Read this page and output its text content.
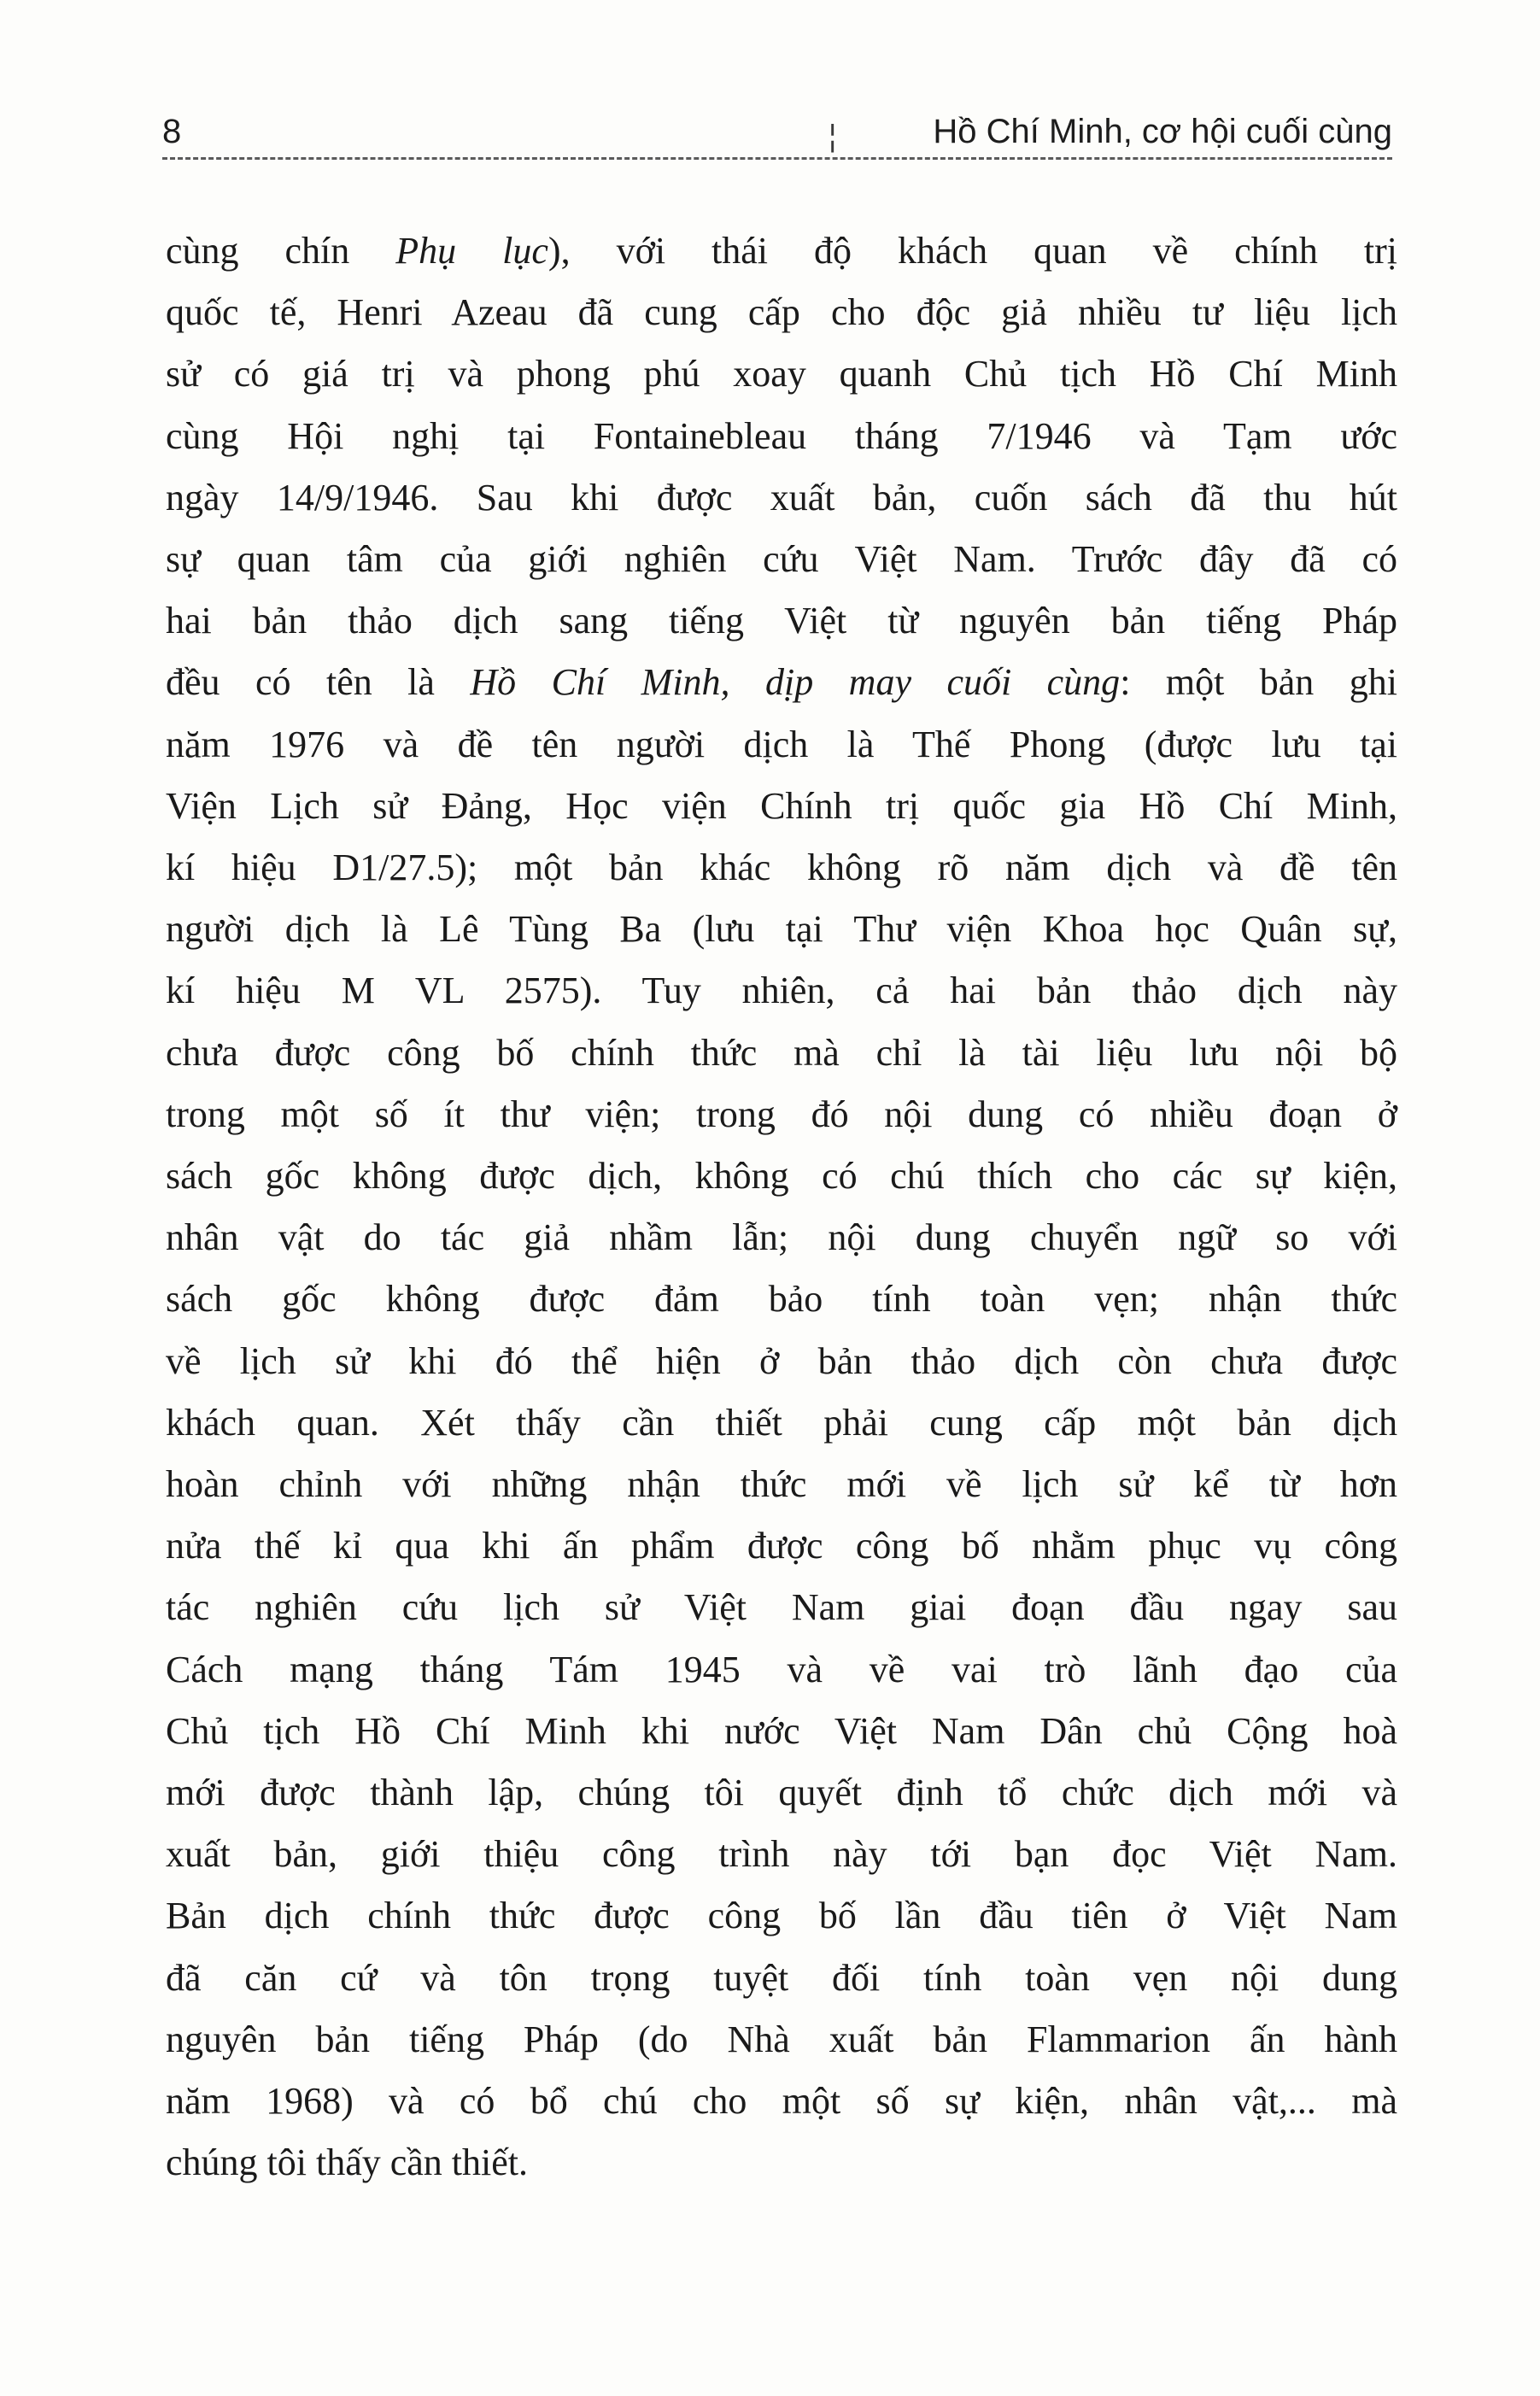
8	¦	Hồ Chí Minh, cơ hội cuối cùng
cùng chín Phụ lục), với thái độ khách quan về chính trị
quốc tế, Henri Azeau đã cung cấp cho độc giả nhiều tư liệu lịch
sử có giá trị và phong phú xoay quanh Chủ tịch Hồ Chí Minh
cùng Hội nghị tại Fontainebleau tháng 7/1946 và Tạm ước
ngày 14/9/1946. Sau khi được xuất bản, cuốn sách đã thu hút
sự quan tâm của giới nghiên cứu Việt Nam. Trước đây đã có
hai bản thảo dịch sang tiếng Việt từ nguyên bản tiếng Pháp
đều có tên là Hồ Chí Minh, dịp may cuối cùng: một bản ghi
năm 1976 và đề tên người dịch là Thế Phong (được lưu tại
Viện Lịch sử Đảng, Học viện Chính trị quốc gia Hồ Chí Minh,
kí hiệu D1/27.5); một bản khác không rõ năm dịch và đề tên
người dịch là Lê Tùng Ba (lưu tại Thư viện Khoa học Quân sự,
kí hiệu M VL 2575). Tuy nhiên, cả hai bản thảo dịch này
chưa được công bố chính thức mà chỉ là tài liệu lưu nội bộ
trong một số ít thư viện; trong đó nội dung có nhiều đoạn ở
sách gốc không được dịch, không có chú thích cho các sự kiện,
nhân vật do tác giả nhầm lẫn; nội dung chuyển ngữ so với
sách gốc không được đảm bảo tính toàn vẹn; nhận thức
về lịch sử khi đó thể hiện ở bản thảo dịch còn chưa được
khách quan. Xét thấy cần thiết phải cung cấp một bản dịch
hoàn chỉnh với những nhận thức mới về lịch sử kể từ hơn
nửa thế kỉ qua khi ấn phẩm được công bố nhằm phục vụ công
tác nghiên cứu lịch sử Việt Nam giai đoạn đầu ngay sau
Cách mạng tháng Tám 1945 và về vai trò lãnh đạo của
Chủ tịch Hồ Chí Minh khi nước Việt Nam Dân chủ Cộng hoà
mới được thành lập, chúng tôi quyết định tổ chức dịch mới và
xuất bản, giới thiệu công trình này tới bạn đọc Việt Nam.
Bản dịch chính thức được công bố lần đầu tiên ở Việt Nam
đã căn cứ và tôn trọng tuyệt đối tính toàn vẹn nội dung
nguyên bản tiếng Pháp (do Nhà xuất bản Flammarion ấn hành
năm 1968) và có bổ chú cho một số sự kiện, nhân vật,... mà
chúng tôi thấy cần thiết.
